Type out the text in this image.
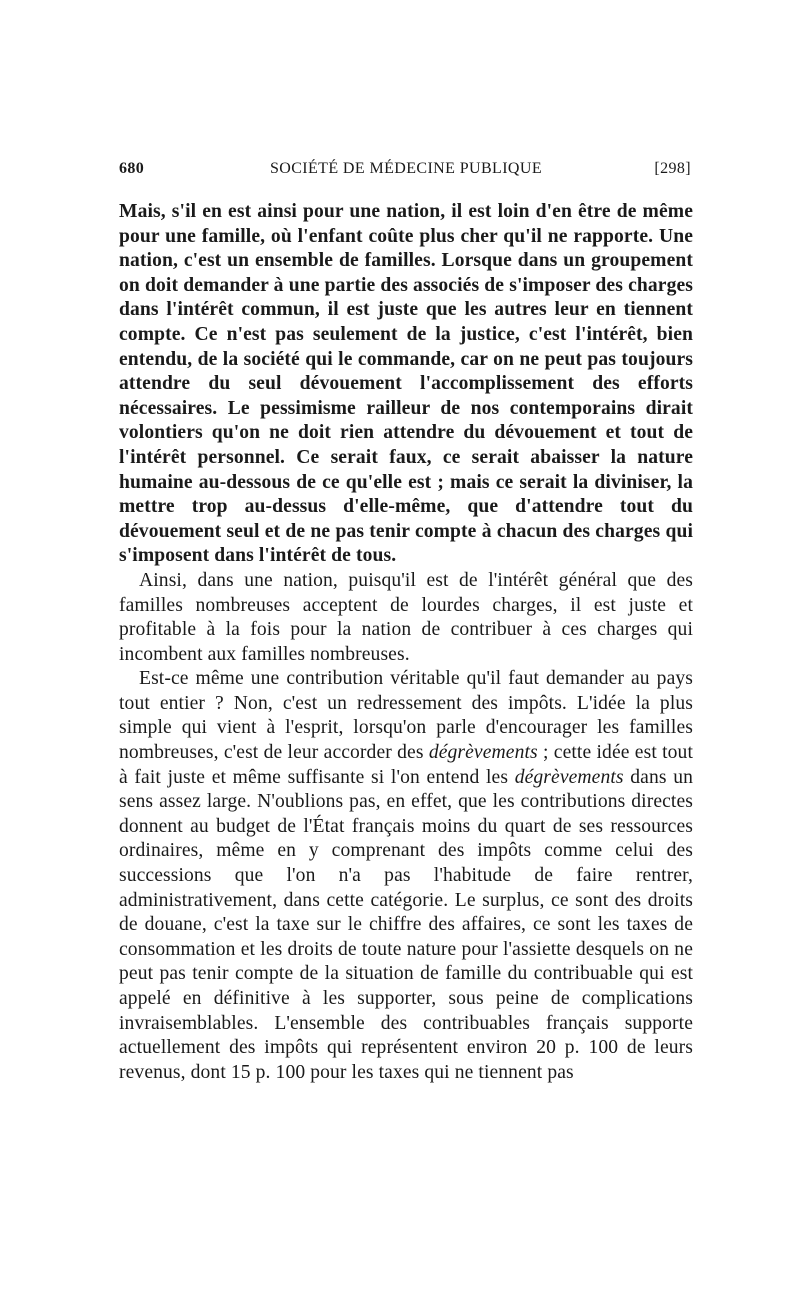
680	SOCIÉTÉ DE MÉDECINE PUBLIQUE	[298]

Mais, s'il en est ainsi pour une nation, il est loin d'en être de même pour une famille, où l'enfant coûte plus cher qu'il ne rapporte. Une nation, c'est un ensemble de familles. Lorsque dans un groupement on doit demander à une partie des associés de s'imposer des charges dans l'intérêt commun, il est juste que les autres leur en tiennent compte. Ce n'est pas seulement de la justice, c'est l'intérêt, bien entendu, de la société qui le commande, car on ne peut pas toujours attendre du seul dévouement l'accomplissement des efforts nécessaires. Le pessimisme railleur de nos contemporains dirait volontiers qu'on ne doit rien attendre du dévouement et tout de l'intérêt personnel. Ce serait faux, ce serait abaisser la nature humaine au-dessous de ce qu'elle est ; mais ce serait la diviniser, la mettre trop au-dessus d'elle-même, que d'attendre tout du dévouement seul et de ne pas tenir compte à chacun des charges qui s'imposent dans l'intérêt de tous.

Ainsi, dans une nation, puisqu'il est de l'intérêt général que des familles nombreuses acceptent de lourdes charges, il est juste et profitable à la fois pour la nation de contribuer à ces charges qui incombent aux familles nombreuses.

Est-ce même une contribution véritable qu'il faut demander au pays tout entier ? Non, c'est un redressement des impôts. L'idée la plus simple qui vient à l'esprit, lorsqu'on parle d'encourager les familles nombreuses, c'est de leur accorder des dégrèvements ; cette idée est tout à fait juste et même suffisante si l'on entend les dégrèvements dans un sens assez large. N'oublions pas, en effet, que les contributions directes donnent au budget de l'État français moins du quart de ses ressources ordinaires, même en y comprenant des impôts comme celui des successions que l'on n'a pas l'habitude de faire rentrer, administrativement, dans cette catégorie. Le surplus, ce sont des droits de douane, c'est la taxe sur le chiffre des affaires, ce sont les taxes de consommation et les droits de toute nature pour l'assiette desquels on ne peut pas tenir compte de la situation de famille du contribuable qui est appelé en définitive à les supporter, sous peine de complications invraisemblables. L'ensemble des contribuables français supporte actuellement des impôts qui représentent environ 20 p. 100 de leurs revenus, dont 15 p. 100 pour les taxes qui ne tiennent pas
